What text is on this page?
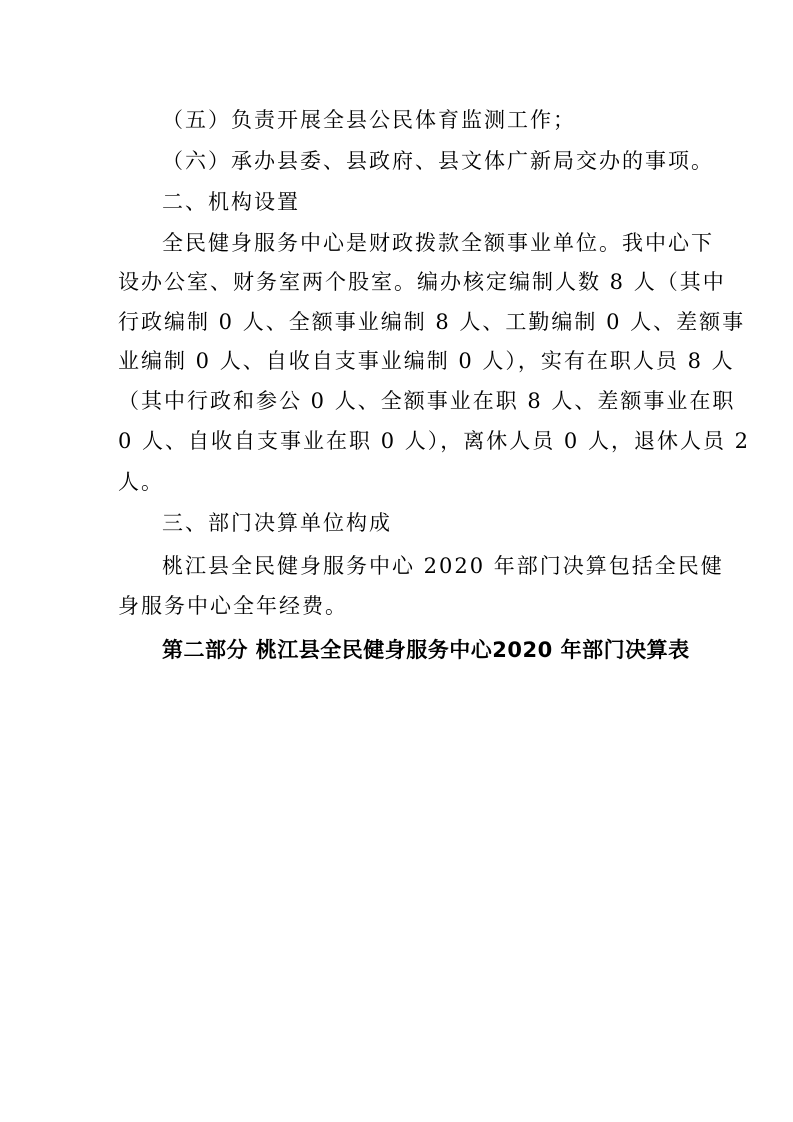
（五）负责开展全县公民体育监测工作；
（六）承办县委、县政府、县文体广新局交办的事项。
二、机构设置
全民健身服务中心是财政拨款全额事业单位。我中心下
设办公室、财务室两个股室。编办核定编制人数 8 人（其中
行政编制 0 人、全额事业编制 8 人、工勤编制 0 人、差额事
业编制 0 人、自收自支事业编制 0 人），实有在职人员 8 人
（其中行政和参公 0 人、全额事业在职 8 人、差额事业在职
0 人、自收自支事业在职 0 人），离休人员 0 人，退休人员 2
人。
三、部门决算单位构成
桃江县全民健身服务中心 2020 年部门决算包括全民健
身服务中心全年经费。
第二部分 桃江县全民健身服务中心2020 年部门决算表
